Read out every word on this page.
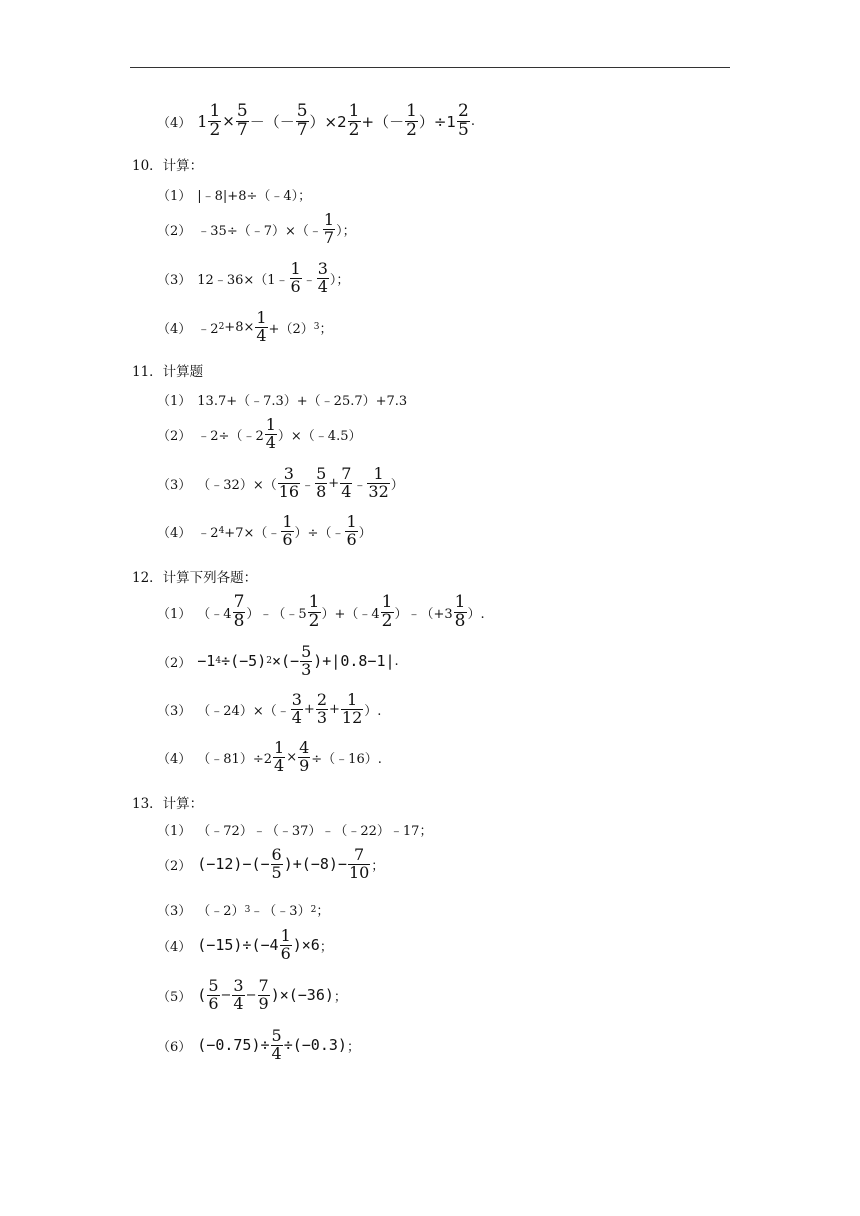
（4） $1 \frac{1}{2} \times \frac{5}{7}$ －（－ $\frac{5}{7} )\times 2 \frac{1}{2}$ +（－ $\frac{1}{2} )\div 1 \frac{2}{5}$ .
10．计算：
（1） |﹣8|+8÷（﹣4）；
（2） ﹣35÷（﹣7）×（﹣ $\frac{1}{7}$ ）；
（3） 12﹣36×（1﹣ $\frac{1}{6}$ ﹣ $\frac{3}{4}$ ）；
（4） ﹣2 $2 +8\times \frac{1}{4} +(2)$ 3 ；
11．计算题
（1） 13.7+（﹣7.3）+（﹣25.7）+7.3
（2） ﹣2÷（﹣2 $\frac{1}{4}$ ）×（﹣4.5）
（3） （﹣32）×（ $\frac{3}{16}$ ﹣ $\frac{5}{8} + \frac{7}{4}$ ﹣ $\frac{1}{32}$ ）
（4） ﹣2 4 +7×（﹣ $\frac{1}{6}$ ）÷（﹣ $\frac{1}{6}$ ）
12．计算下列各题：
（1） （﹣4 $\frac{7}{8}$ ）﹣（﹣5 $\frac{1}{2}$ ）+（﹣4 $\frac{1}{2}$ ）﹣（+3 $\frac{1}{8}$ ）.
（2） −1 4 ÷(−5) 2 ×(− $\frac{5}{3} )+|0.8-1|$ .
（3） （﹣24）×（﹣ $\frac{3}{4} + \frac{2}{3} + \frac{1}{12}$ ）.
（4） （﹣81）÷2 $\frac{1}{4} \times \frac{4}{9}$ ÷（﹣16）.
13．计算：
（1） （﹣72）﹣（﹣37）﹣（﹣22）﹣17；
（2） $(-12)-(- \frac{6}{5} )+(-8)- \frac{7}{10}$ ；
（3） （﹣2） 3 ﹣（﹣3） 2 ；
（4） $(-15)\div(-4 \frac{1}{6} )\times 6$ ；
（5） ( $\frac{5}{6} - \frac{3}{4} - \frac{7}{9} )\times(-36)$ ；
（6） $(-0.75)\div \frac{5}{4} \div(-0.3)$ ；
